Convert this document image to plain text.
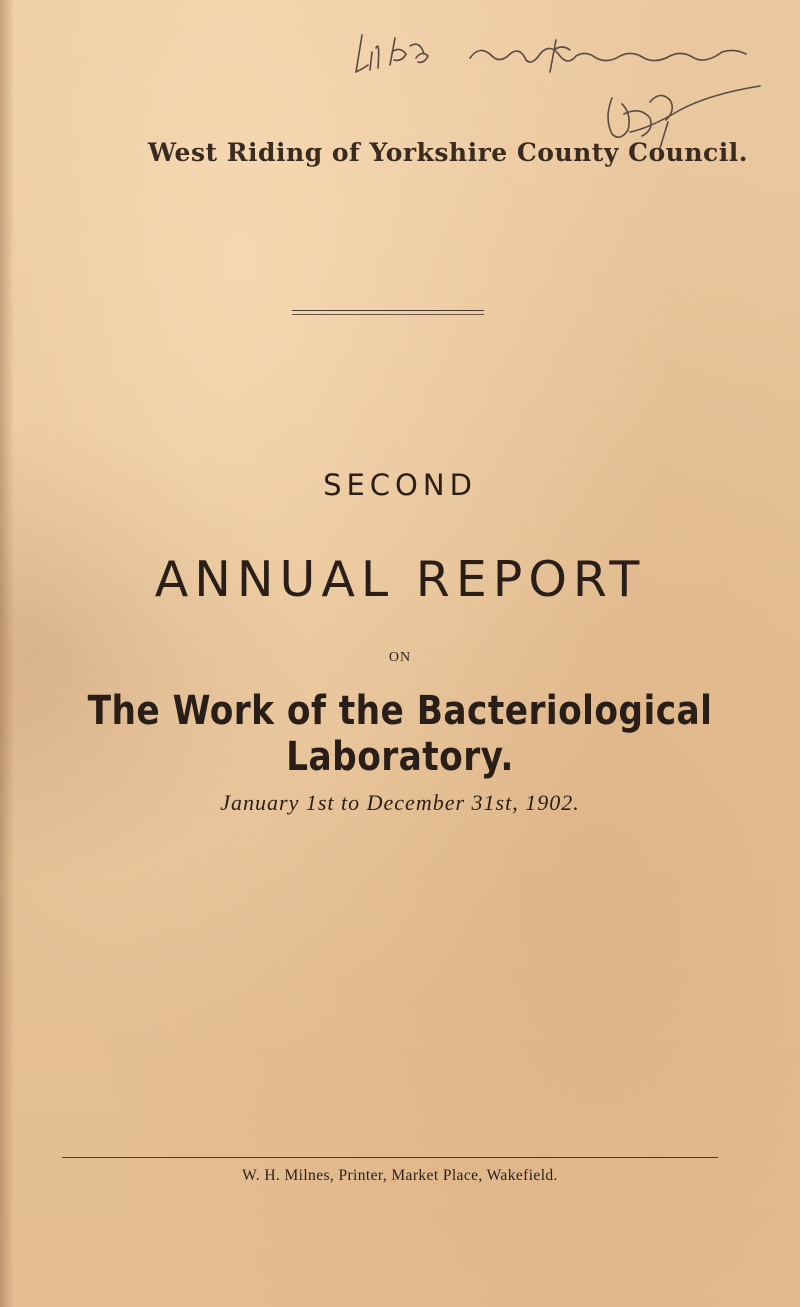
West Riding of Yorkshire County Council.
SECOND
ANNUAL REPORT
ON
The Work of the Bacteriological Laboratory.
January 1st to December 31st, 1902.
W. H. Milnes, Printer, Market Place, Wakefield.
